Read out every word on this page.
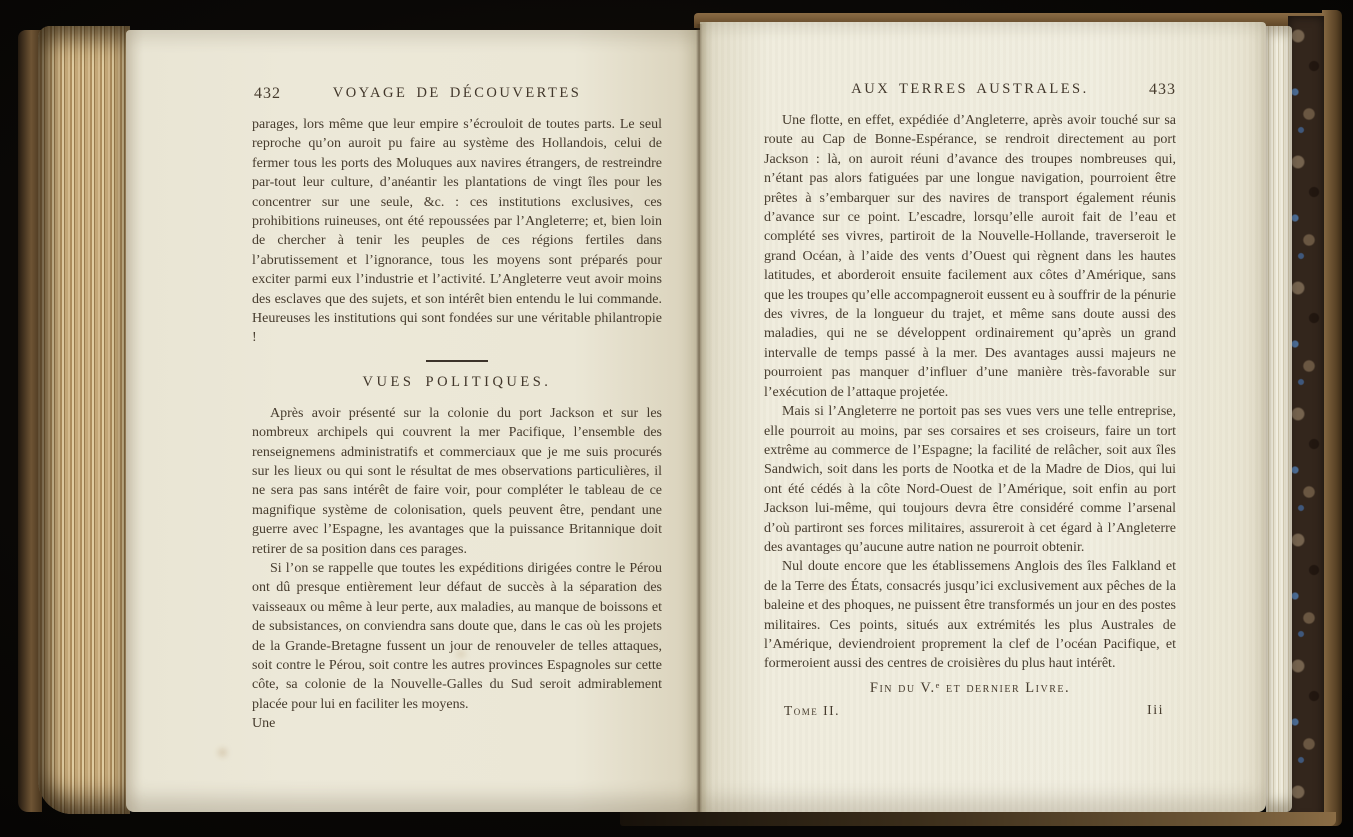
432	VOYAGE DE DÉCOUVERTES

parages, lors même que leur empire s’écrouloit de toutes parts. Le seul reproche qu’on auroit pu faire au système des Hollandois, celui de fermer tous les ports des Moluques aux navires étrangers, de restreindre par-tout leur culture, d’anéantir les plantations de vingt îles pour les concentrer sur une seule, &c. : ces institutions exclusives, ces prohibitions ruineuses, ont été repoussées par l’Angleterre; et, bien loin de chercher à tenir les peuples de ces régions fertiles dans l’abrutissement et l’ignorance, tous les moyens sont préparés pour exciter parmi eux l’industrie et l’activité. L’Angleterre veut avoir moins des esclaves que des sujets, et son intérêt bien entendu le lui commande. Heureuses les institutions qui sont fondées sur une véritable philantropie !

VUES POLITIQUES.

Après avoir présenté sur la colonie du port Jackson et sur les nombreux archipels qui couvrent la mer Pacifique, l’ensemble des renseignemens administratifs et commerciaux que je me suis procurés sur les lieux ou qui sont le résultat de mes observations particulières, il ne sera pas sans intérêt de faire voir, pour compléter le tableau de ce magnifique système de colonisation, quels peuvent être, pendant une guerre avec l’Espagne, les avantages que la puissance Britannique doit retirer de sa position dans ces parages.

Si l’on se rappelle que toutes les expéditions dirigées contre le Pérou ont dû presque entièrement leur défaut de succès à la séparation des vaisseaux ou même à leur perte, aux maladies, au manque de boissons et de subsistances, on conviendra sans doute que, dans le cas où les projets de la Grande-Bretagne fussent un jour de renouveler de telles attaques, soit contre le Pérou, soit contre les autres provinces Espagnoles sur cette côte, sa colonie de la Nouvelle-Galles du Sud seroit admirablement placée pour lui en faciliter les moyens.

Une

AUX TERRES AUSTRALES.	433

Une flotte, en effet, expédiée d’Angleterre, après avoir touché sur sa route au Cap de Bonne-Espérance, se rendroit directement au port Jackson : là, on auroit réuni d’avance des troupes nombreuses qui, n’étant pas alors fatiguées par une longue navigation, pourroient être prêtes à s’embarquer sur des navires de transport également réunis d’avance sur ce point. L’escadre, lorsqu’elle auroit fait de l’eau et complété ses vivres, partiroit de la Nouvelle-Hollande, traverseroit le grand Océan, à l’aide des vents d’Ouest qui règnent dans les hautes latitudes, et aborderoit ensuite facilement aux côtes d’Amérique, sans que les troupes qu’elle accompagneroit eussent eu à souffrir de la pénurie des vivres, de la longueur du trajet, et même sans doute aussi des maladies, qui ne se développent ordinairement qu’après un grand intervalle de temps passé à la mer. Des avantages aussi majeurs ne pourroient pas manquer d’influer d’une manière très-favorable sur l’exécution de l’attaque projetée.

Mais si l’Angleterre ne portoit pas ses vues vers une telle entreprise, elle pourroit au moins, par ses corsaires et ses croiseurs, faire un tort extrême au commerce de l’Espagne; la facilité de relâcher, soit aux îles Sandwich, soit dans les ports de Nootka et de la Madre de Dios, qui lui ont été cédés à la côte Nord-Ouest de l’Amérique, soit enfin au port Jackson lui-même, qui toujours devra être considéré comme l’arsenal d’où partiront ses forces militaires, assureroit à cet égard à l’Angleterre des avantages qu’aucune autre nation ne pourroit obtenir.

Nul doute encore que les établissemens Anglois des îles Falkland et de la Terre des États, consacrés jusqu’ici exclusivement aux pêches de la baleine et des phoques, ne puissent être transformés un jour en des postes militaires. Ces points, situés aux extrémités les plus Australes de l’Amérique, deviendroient proprement la clef de l’océan Pacifique, et formeroient aussi des centres de croisières du plus haut intérêt.

Fin du V.ᵉ et dernier Livre.
Tome II.	Iii
